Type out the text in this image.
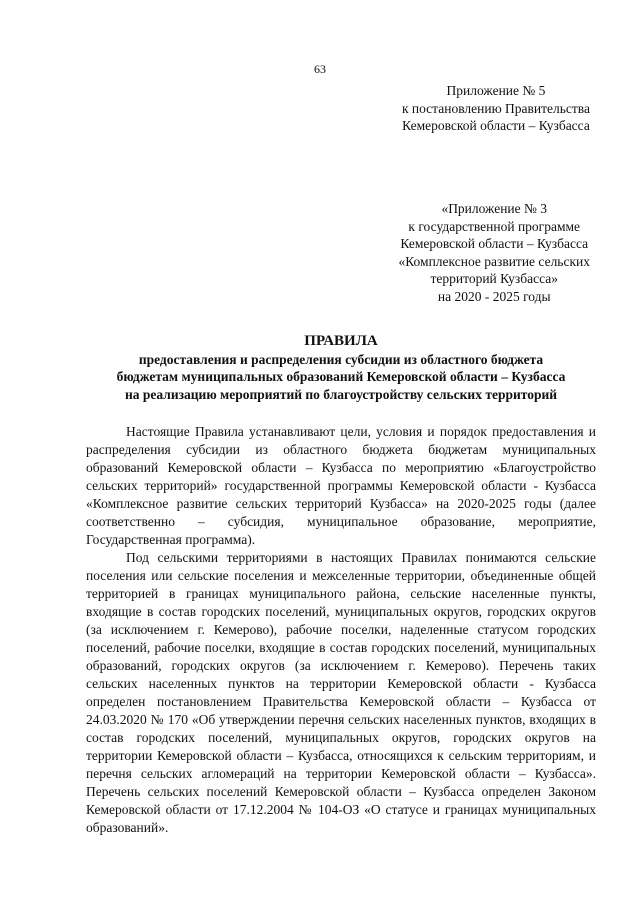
63
Приложение № 5
к постановлению Правительства
Кемеровской области – Кузбасса
«Приложение № 3
к государственной программе
Кемеровской области – Кузбасса
«Комплексное развитие сельских
территорий Кузбасса»
на 2020 - 2025 годы
ПРАВИЛА
предоставления и распределения субсидии из областного бюджета
бюджетам муниципальных образований Кемеровской области – Кузбасса
на реализацию мероприятий по благоустройству сельских территорий

Настоящие Правила устанавливают цели, условия и порядок предоставления и распределения субсидии из областного бюджета бюджетам муниципальных образований Кемеровской области – Кузбасса по мероприятию «Благоустройство сельских территорий» государственной программы Кемеровской области - Кузбасса «Комплексное развитие сельских территорий Кузбасса» на 2020-2025 годы (далее соответственно – субсидия, муниципальное образование, мероприятие, Государственная программа).

Под сельскими территориями в настоящих Правилах понимаются сельские поселения или сельские поселения и межселенные территории, объединенные общей территорией в границах муниципального района, сельские населенные пункты, входящие в состав городских поселений, муниципальных округов, городских округов (за исключением г. Кемерово), рабочие поселки, наделенные статусом городских поселений, рабочие поселки, входящие в состав городских поселений, муниципальных образований, городских округов (за исключением г. Кемерово). Перечень таких сельских населенных пунктов на территории Кемеровской области - Кузбасса определен постановлением Правительства Кемеровской области – Кузбасса от 24.03.2020 № 170 «Об утверждении перечня сельских населенных пунктов, входящих в состав городских поселений, муниципальных округов, городских округов на территории Кемеровской области – Кузбасса, относящихся к сельским территориям, и перечня сельских агломераций на территории Кемеровской области – Кузбасса». Перечень сельских поселений Кемеровской области – Кузбасса определен Законом Кемеровской области от 17.12.2004 № 104-ОЗ «О статусе и границах муниципальных образований».
